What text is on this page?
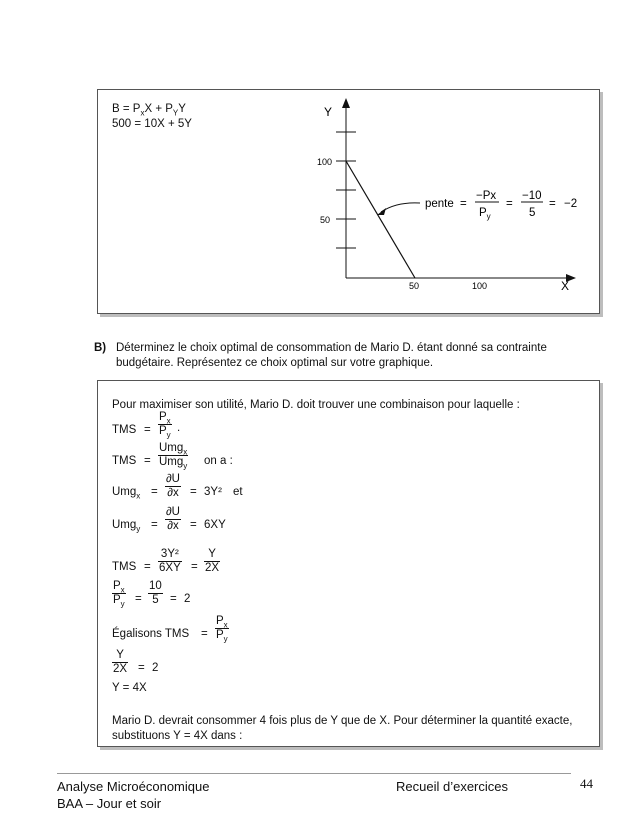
$B = P_xX + P_YY$
500 = 10X + 5Y
Y
100
50
50	100	X
pente =
−Px
$P_y$
=
−10
5
= −2
B) Déterminez le choix optimal de consommation de Mario D. étant donné sa contrainte
budgétaire. Représentez ce choix optimal sur votre graphique.
Pour maximiser son utilité, Mario D. doit trouver une combinaison pour laquelle :
TMS = $\frac{P_x}{P_y}$ .
TMS =
Umg$_x$
Umg$_y$ on a :
$Umg_x = \frac{\partial U}{\partial x} = 3Y^2$ et
$Umg_y = \frac{\partial U}{\partial x} = 6XY$
TMS = $\frac{\text{3Y²}}{6XY} = \frac{Y}{2X}$
$\frac{P_x}{P_y} = \frac{10}{5} = 2$
Égalisons TMS = $\frac{P_x}{P_y}$
$\frac{Y}{2X} = 2$
Y = 4X
Mario D. devrait consommer 4 fois plus de Y que de X. Pour déterminer la quantité exacte,
substituons Y = 4X dans :
Analyse Microéconomique
BAA – Jour et soir
Recueil d’exercices	44
